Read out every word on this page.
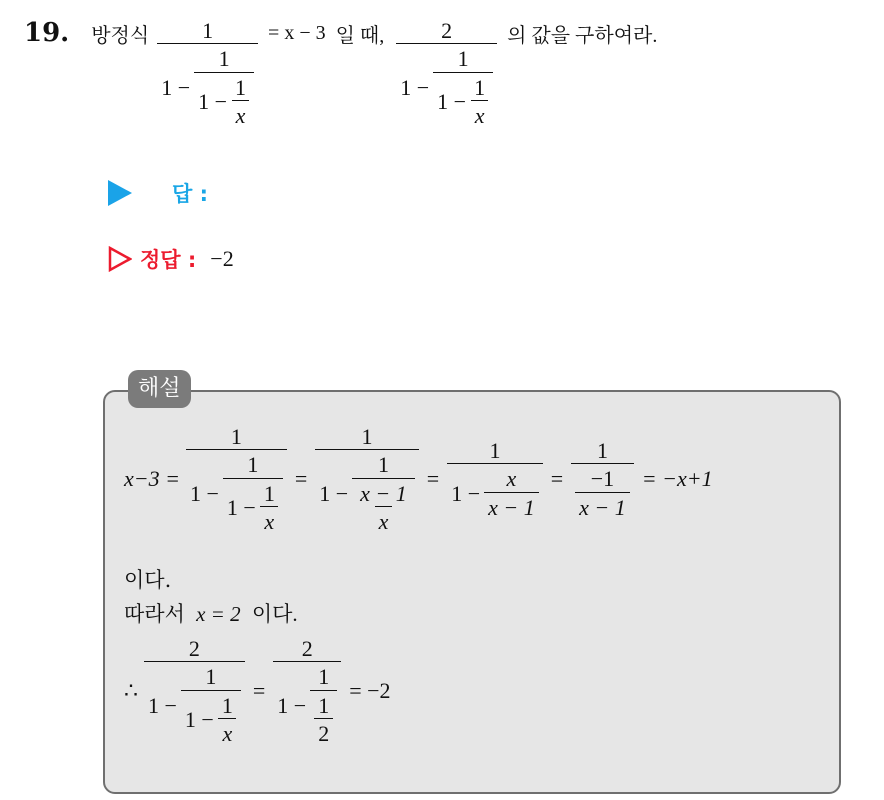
19. 방정식 1
$1 - \frac{1}{1 - \frac{1}{x}}$
= x − 3 일 때,	2
$1 - \frac{1}{1 - \frac{1}{x}}$
의 값을 구하여라.
답 :
정답 : −2
해설
x−3 =
1
$1 - \frac{1}{1 - \frac{1}{x}}$ =
1
$1 - \frac{1}{\frac{x - 1}{x}} = \frac{1}{1 - \frac{x}{x - 1}} = \frac{1}{\frac{-1}{x - 1}} = -x+1$
이다.
따라서 x = 2 이다.
∴
2
$1 - \frac{1}{1 - \frac{1}{x}}$ =
2
$1 - \frac{1}{\frac{1}{2}} = -2$
